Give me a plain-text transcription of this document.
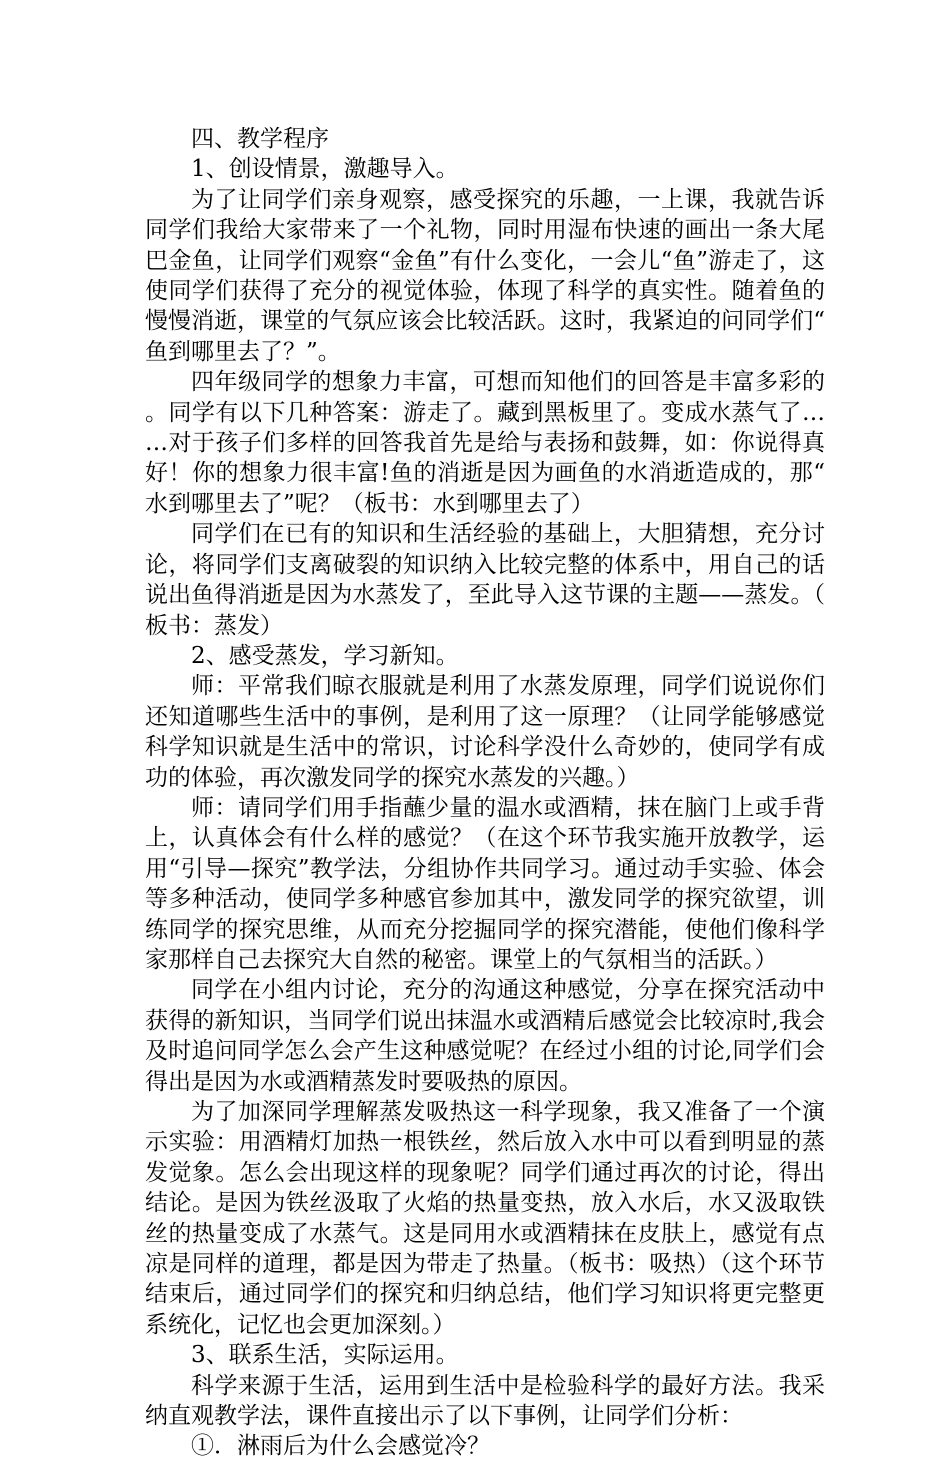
四、教学程序

1、创设情景，激趣导入。

为了让同学们亲身观察，感受探究的乐趣，一上课，我就告诉同学们我给大家带来了一个礼物，同时用湿布快速的画出一条大尾巴金鱼，让同学们观察“金鱼”有什么变化，一会儿“鱼”游走了，这使同学们获得了充分的视觉体验，体现了科学的真实性。随着鱼的慢慢消逝，课堂的气氛应该会比较活跃。这时，我紧迫的问同学们“鱼到哪里去了？”。

四年级同学的想象力丰富，可想而知他们的回答是丰富多彩的。同学有以下几种答案：游走了。藏到黑板里了。变成水蒸气了……对于孩子们多样的回答我首先是给与表扬和鼓舞，如：你说得真好！你的想象力很丰富!鱼的消逝是因为画鱼的水消逝造成的，那“水到哪里去了”呢？（板书：水到哪里去了）

同学们在已有的知识和生活经验的基础上，大胆猜想，充分讨论，将同学们支离破裂的知识纳入比较完整的体系中，用自己的话说出鱼得消逝是因为水蒸发了，至此导入这节课的主题——蒸发。（板书：蒸发）

2、感受蒸发，学习新知。

师：平常我们晾衣服就是利用了水蒸发原理，同学们说说你们还知道哪些生活中的事例，是利用了这一原理？（让同学能够感觉科学知识就是生活中的常识，讨论科学没什么奇妙的，使同学有成功的体验，再次激发同学的探究水蒸发的兴趣。）

师：请同学们用手指蘸少量的温水或酒精，抹在脑门上或手背上，认真体会有什么样的感觉？（在这个环节我实施开放教学，运用“引导—探究”教学法，分组协作共同学习。通过动手实验、体会等多种活动，使同学多种感官参加其中，激发同学的探究欲望，训练同学的探究思维，从而充分挖掘同学的探究潜能，使他们像科学家那样自己去探究大自然的秘密。课堂上的气氛相当的活跃。）

同学在小组内讨论，充分的沟通这种感觉，分享在探究活动中获得的新知识，当同学们说出抹温水或酒精后感觉会比较凉时,我会及时追问同学怎么会产生这种感觉呢？在经过小组的讨论,同学们会得出是因为水或酒精蒸发时要吸热的原因。

为了加深同学理解蒸发吸热这一科学现象，我又准备了一个演示实验：用酒精灯加热一根铁丝，然后放入水中可以看到明显的蒸发觉象。怎么会出现这样的现象呢？同学们通过再次的讨论，得出结论。是因为铁丝汲取了火焰的热量变热，放入水后，水又汲取铁丝的热量变成了水蒸气。这是同用水或酒精抹在皮肤上，感觉有点凉是同样的道理，都是因为带走了热量。（板书：吸热）（这个环节结束后，通过同学们的探究和归纳总结，他们学习知识将更完整更系统化，记忆也会更加深刻。）

3、联系生活，实际运用。

科学来源于生活，运用到生活中是检验科学的最好方法。我采纳直观教学法，课件直接出示了以下事例，让同学们分析：

①．淋雨后为什么会感觉冷？
